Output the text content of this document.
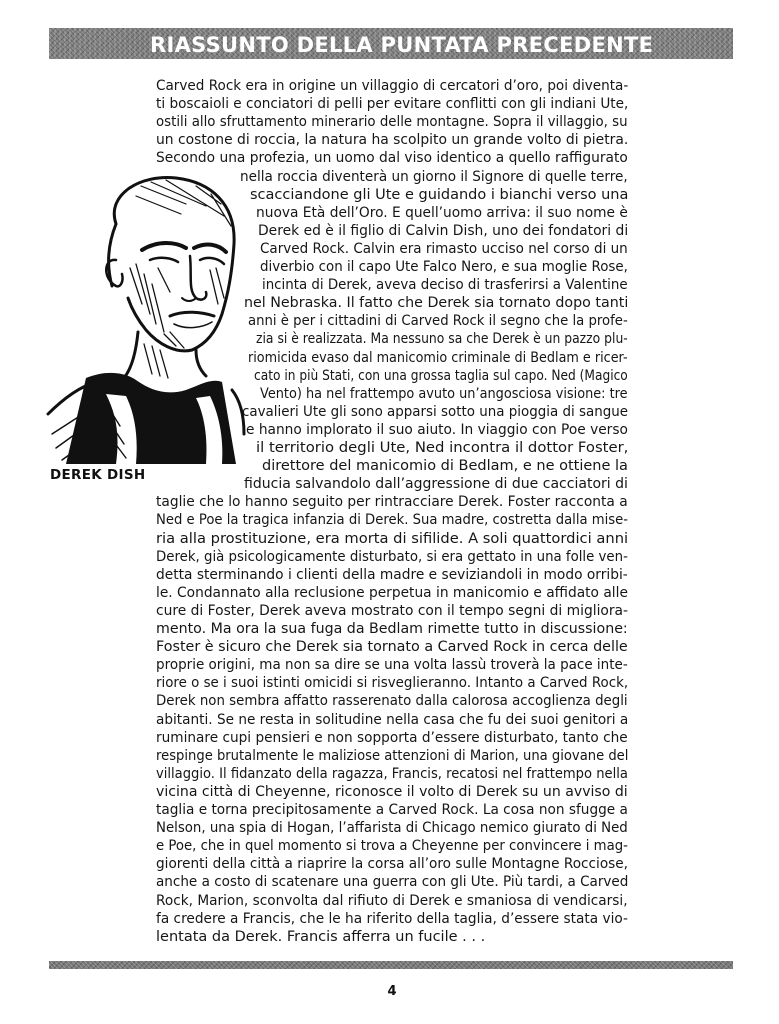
RIASSUNTO DELLA PUNTATA PRECEDENTE
DEREK DISH
Carved Rock era in origine un villaggio di cercatori d’oro, poi diventa-
ti boscaioli e conciatori di pelli per evitare conflitti con gli indiani Ute,
ostili allo sfruttamento minerario delle montagne. Sopra il villaggio, su
un costone di roccia, la natura ha scolpito un grande volto di pietra.
Secondo una profezia, un uomo dal viso identico a quello raffigurato
nella roccia diventerà un giorno il Signore di quelle terre,
scacciandone gli Ute e guidando i bianchi verso una
nuova Età dell’Oro. E quell’uomo arriva: il suo nome è
Derek ed è il figlio di Calvin Dish, uno dei fondatori di
Carved Rock. Calvin era rimasto ucciso nel corso di un
diverbio con il capo Ute Falco Nero, e sua moglie Rose,
incinta di Derek, aveva deciso di trasferirsi a Valentine
nel Nebraska. Il fatto che Derek sia tornato dopo tanti
anni è per i cittadini di Carved Rock il segno che la profe-
zia si è realizzata. Ma nessuno sa che Derek è un pazzo plu-
riomicida evaso dal manicomio criminale di Bedlam e ricer-
cato in più Stati, con una grossa taglia sul capo. Ned (Magico
Vento) ha nel frattempo avuto un’angosciosa visione: tre
cavalieri Ute gli sono apparsi sotto una pioggia di sangue
e hanno implorato il suo aiuto. In viaggio con Poe verso
il territorio degli Ute, Ned incontra il dottor Foster,
direttore del manicomio di Bedlam, e ne ottiene la
fiducia salvandolo dall’aggressione di due cacciatori di
taglie che lo hanno seguito per rintracciare Derek. Foster racconta a
Ned e Poe la tragica infanzia di Derek. Sua madre, costretta dalla mise-
ria alla prostituzione, era morta di sifilide. A soli quattordici anni
Derek, già psicologicamente disturbato, si era gettato in una folle ven-
detta sterminando i clienti della madre e seviziandoli in modo orribi-
le. Condannato alla reclusione perpetua in manicomio e affidato alle
cure di Foster, Derek aveva mostrato con il tempo segni di migliora-
mento. Ma ora la sua fuga da Bedlam rimette tutto in discussione:
Foster è sicuro che Derek sia tornato a Carved Rock in cerca delle
proprie origini, ma non sa dire se una volta lassù troverà la pace inte-
riore o se i suoi istinti omicidi si risveglieranno. Intanto a Carved Rock,
Derek non sembra affatto rasserenato dalla calorosa accoglienza degli
abitanti. Se ne resta in solitudine nella casa che fu dei suoi genitori a
ruminare cupi pensieri e non sopporta d’essere disturbato, tanto che
respinge brutalmente le maliziose attenzioni di Marion, una giovane del
villaggio. Il fidanzato della ragazza, Francis, recatosi nel frattempo nella
vicina città di Cheyenne, riconosce il volto di Derek su un avviso di
taglia e torna precipitosamente a Carved Rock. La cosa non sfugge a
Nelson, una spia di Hogan, l’affarista di Chicago nemico giurato di Ned
e Poe, che in quel momento si trova a Cheyenne per convincere i mag-
giorenti della città a riaprire la corsa all’oro sulle Montagne Rocciose,
anche a costo di scatenare una guerra con gli Ute. Più tardi, a Carved
Rock, Marion, sconvolta dal rifiuto di Derek e smaniosa di vendicarsi,
fa credere a Francis, che le ha riferito della taglia, d’essere stata vio-
lentata da Derek. Francis afferra un fucile . . .
4
